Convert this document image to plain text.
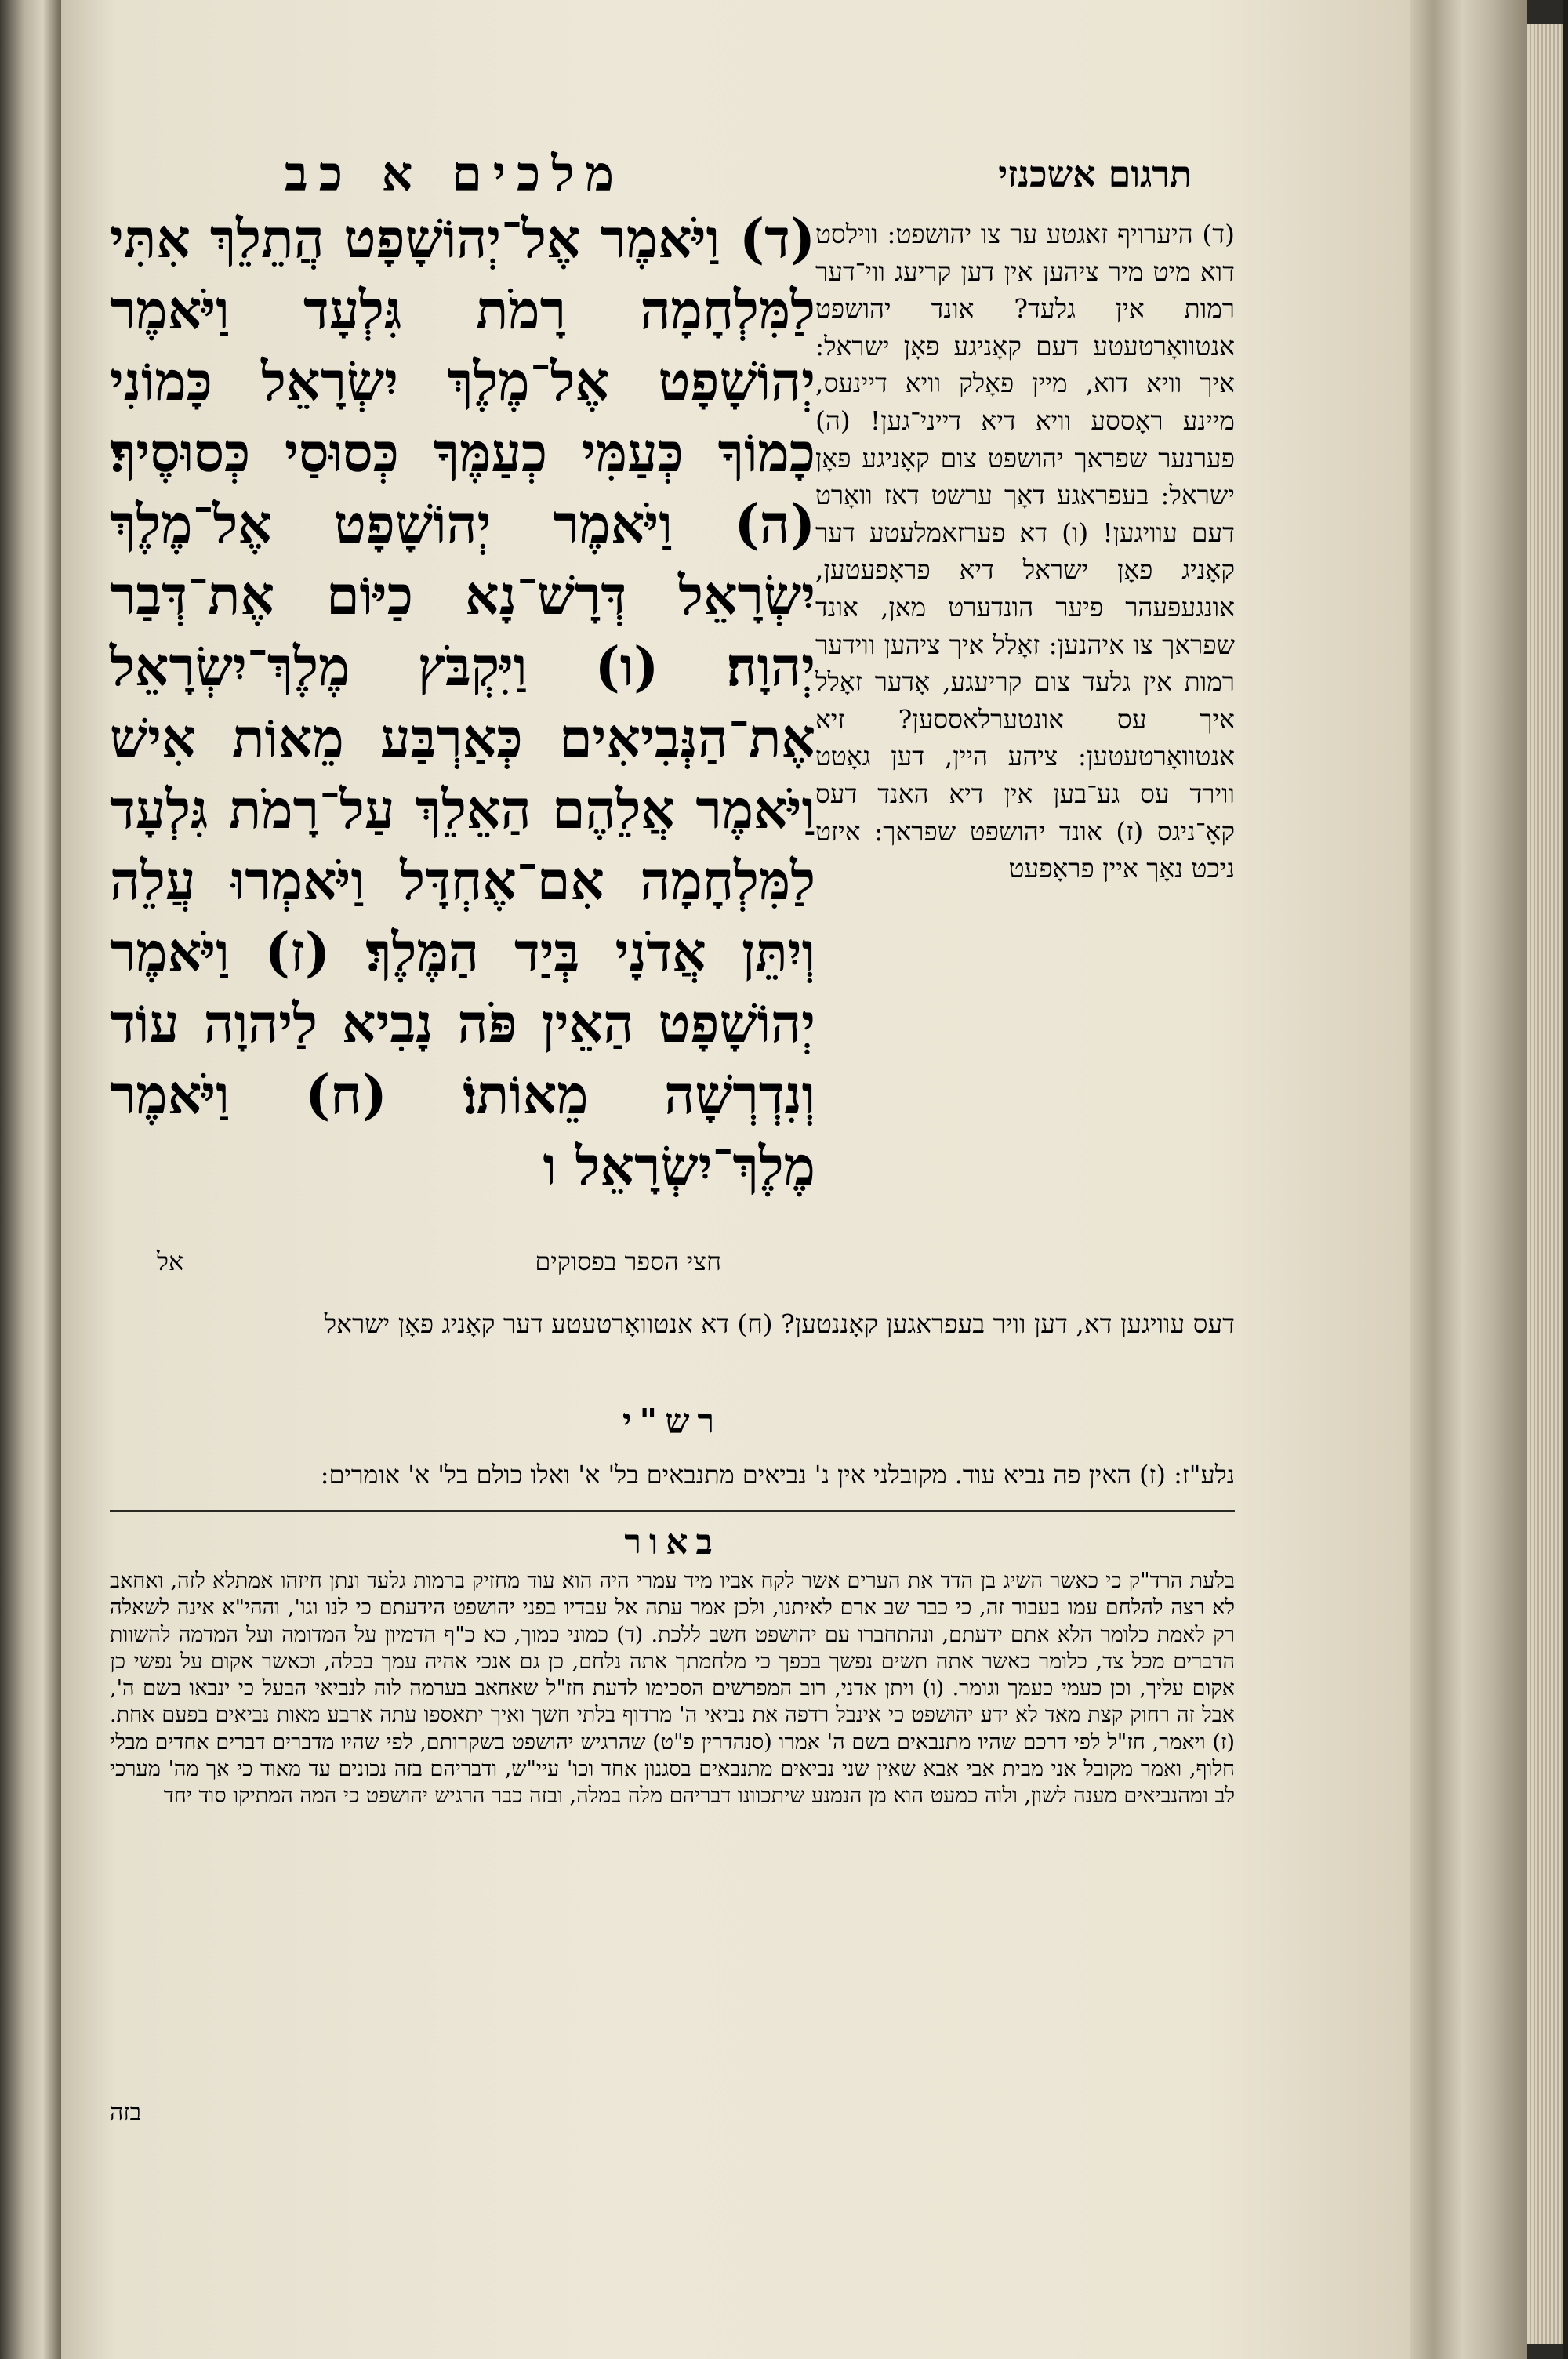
מלכים א כב	תרגום אשכנזי
(ד) וַיֹּאמֶר אֶל־יְהוֹשָׁפָט הֲתֵלֵךְ אִתִּי לַמִּלְחָמָה רָמֹת גִּלְעָד וַיֹּאמֶר יְהוֹשָׁפָט אֶל־מֶלֶךְ יִשְׂרָאֵל כָּמוֹנִי כָמוֹךָ כְּעַמִּי כְעַמֶּךָ כְּסוּסַי כְּסוּסֶיךָ׃ (ה) וַיֹּאמֶר יְהוֹשָׁפָט אֶל־מֶלֶךְ יִשְׂרָאֵל דְּרָשׁ־נָא כַיּוֹם אֶת־דְּבַר יְהוָה׃ (ו) וַיִּקְבֹּץ מֶלֶךְ־יִשְׂרָאֵל אֶת־הַנְּבִיאִים כְּאַרְבַּע מֵאוֹת אִישׁ וַיֹּאמֶר אֲלֵהֶם הַאֵלֵךְ עַל־רָמֹת גִּלְעָד לַמִּלְחָמָה אִם־אֶחְדָּל וַיֹּאמְרוּ עֲלֵה וְיִתֵּן אֲדֹנָי בְּיַד הַמֶּלֶךְ׃ (ז) וַיֹּאמֶר יְהוֹשָׁפָט הַאֵין פֹּה נָבִיא לַיהוָה עוֹד וְנִדְרְשָׁה מֵאוֹתוֹ׃ (ח) וַיֹּאמֶר מֶלֶךְ־יִשְׂרָאֵל ו
(ד) היערויף זאגטע ער צו יהושפט: ווילסט דוא מיט מיר ציהען אין דען קריעג ווי־דער רמות אין גלעד? אונד יהושפט אנטוואָרטעטע דעם קאָניגע פאָן ישראל: איך וויא דוא, מיין פאָלק וויא דיינעס, מיינע ראָססע וויא דיא דייני־גען! (ה) פערנער שפראך יהושפט צום קאָניגע פאָן ישראל: בעפראגע דאָך ערשט דאז וואָרט דעם עוויגען! (ו) דא פערזאמלעטע דער קאָניג פאָן ישראל דיא פראָפעטען, אונגעפעהר פיער הונדערט מאן, אונד שפראך צו איהנען: זאָלל איך ציהען ווידער רמות אין גלעד צום קריעגע, אָדער זאָלל איך עס אונטערלאססען? זיא אנטוואָרטעטען: ציהע היין, דען גאָטט ווירד עס גע־בען אין דיא האנד דעס קאָ־ניגס (ז) אונד יהושפט שפראך: איזט ניכט נאָך איין פראָפעט
חצי הספר בפסוקים
אל
דעס עוויגען דא, דען וויר בעפראגען קאָננטען? (ח) דא אנטוואָרטעטע דער קאָניג פאָן ישראל
רש"י
נלע"ז: (ז) האין פה נביא עוד. מקובלני אין נ' נביאים מתנבאים בל' א' ואלו כולם בל' א' אומרים:
באור
בלעת הרד"ק כי כאשר השיג בן הדד את הערים אשר לקח אביו מיד עמרי היה הוא עוד מחזיק ברמות גלעד ונתן חיזהו אמתלא לזה, ואחאב לא רצה להלחם עמו בעבור זה, כי כבר שב ארם לאיתנו, ולכן אמר עתה אל עבדיו בפני יהושפט הידעתם כי לנו וגו', וההי"א אינה לשאלה רק לאמת כלומר הלא אתם ידעתם, ונהתחברו עם יהושפט חשב ללכת. (ד) כמוני כמוך, כא כ"ף הדמיון על המדומה ועל המדמה להשוות הדברים מכל צד, כלומר כאשר אתה תשים נפשך בכפך כי מלחמתך אתה נלחם, כן גם אנכי אהיה עמך בכלה, וכאשר אקום על נפשי כן אקום עליך, וכן כעמי כעמך וגומר. (ו) ויתן אדני, רוב המפרשים הסכימו לדעת חז"ל שאחאב בערמה לוה לנביאי הבעל כי ינבאו בשם ה', אבל זה רחוק קצת מאד לא ידע יהושפט כי אינבל רדפה את נביאי ה' מרדוף בלתי חשך ואיך יתאספו עתה ארבע מאות נביאים בפעם אחת. (ז) ויאמר, חז"ל לפי דרכם שהיו מתנבאים בשם ה' אמרו (סנהדרין פ"ט) שהרגיש יהושפט בשקרותם, לפי שהיו מדברים דברים אחדים מבלי חלוף, ואמר מקובל אני מבית אבי אבא שאין שני נביאים מתנבאים בסגנון אחד וכו' עיי"ש, ודבריהם בזה נכונים עד מאוד כי אך מה' מערכי לב ומהנביאים מענה לשון, ולוה כמעט הוא מן הנמנע שיתכוונו דבריהם מלה במלה, ובזה כבר הרגיש יהושפט כי המה המתיקו סוד יחד
בזה
